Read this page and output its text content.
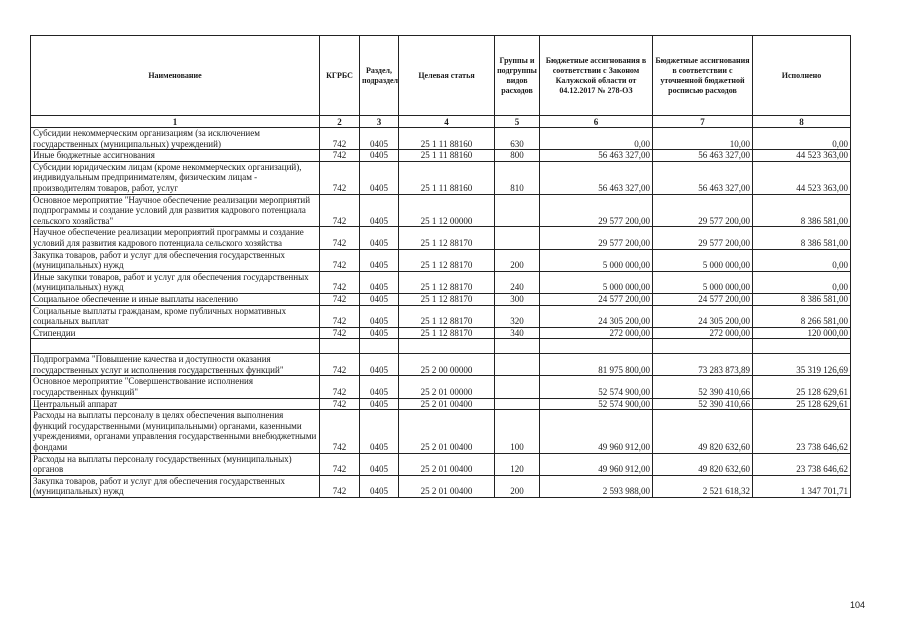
Наименование	КГРБС	Раздел, подраздел	Целевая статья	Группы и подгруппы видов расходов	Бюджетные ассигнования в соответствии с Законом Калужской области от 04.12.2017 № 278-ОЗ	Бюджетные ассигнования в соответствии с уточненной бюджетной росписью расходов	Исполнено
1	2	3	4	5	6	7	8
Субсидии некоммерческим организациям (за исключением государственных (муниципальных) учреждений)	742	0405	25 1 11 88160	630	0,00	10,00	0,00
Иные бюджетные ассигнования	742	0405	25 1 11 88160	800	56 463 327,00	56 463 327,00	44 523 363,00
Субсидии юридическим лицам (кроме некоммерческих организаций), индивидуальным предпринимателям, физическим лицам - производителям товаров, работ, услуг	742	0405	25 1 11 88160	810	56 463 327,00	56 463 327,00	44 523 363,00
Основное мероприятие "Научное обеспечение реализации мероприятий подпрограммы и создание условий для развития кадрового потенциала сельского хозяйства"	742	0405	25 1 12 00000		29 577 200,00	29 577 200,00	8 386 581,00
Научное обеспечение реализации мероприятий программы и создание условий для развития кадрового потенциала сельского хозяйства	742	0405	25 1 12 88170		29 577 200,00	29 577 200,00	8 386 581,00
Закупка товаров, работ и услуг для обеспечения государственных (муниципальных) нужд	742	0405	25 1 12 88170	200	5 000 000,00	5 000 000,00	0,00
Иные закупки товаров, работ и услуг для обеспечения государственных (муниципальных) нужд	742	0405	25 1 12 88170	240	5 000 000,00	5 000 000,00	0,00
Социальное обеспечение и иные выплаты населению	742	0405	25 1 12 88170	300	24 577 200,00	24 577 200,00	8 386 581,00
Социальные выплаты гражданам, кроме публичных нормативных социальных выплат	742	0405	25 1 12 88170	320	24 305 200,00	24 305 200,00	8 266 581,00
Стипендии	742	0405	25 1 12 88170	340	272 000,00	272 000,00	120 000,00

Подпрограмма "Повышение качества и доступности оказания государственных услуг и исполнения государственных функций"	742	0405	25 2 00 00000		81 975 800,00	73 283 873,89	35 319 126,69
Основное мероприятие "Совершенствование исполнения государственных функций"	742	0405	25 2 01 00000		52 574 900,00	52 390 410,66	25 128 629,61
Центральный аппарат	742	0405	25 2 01 00400		52 574 900,00	52 390 410,66	25 128 629,61
Расходы на выплаты персоналу в целях обеспечения выполнения функций государственными (муниципальными) органами, казенными учреждениями, органами управления государственными внебюджетными фондами	742	0405	25 2 01 00400	100	49 960 912,00	49 820 632,60	23 738 646,62
Расходы на выплаты персоналу государственных (муниципальных) органов	742	0405	25 2 01 00400	120	49 960 912,00	49 820 632,60	23 738 646,62
Закупка товаров, работ и услуг для обеспечения государственных (муниципальных) нужд	742	0405	25 2 01 00400	200	2 593 988,00	2 521 618,32	1 347 701,71
104
